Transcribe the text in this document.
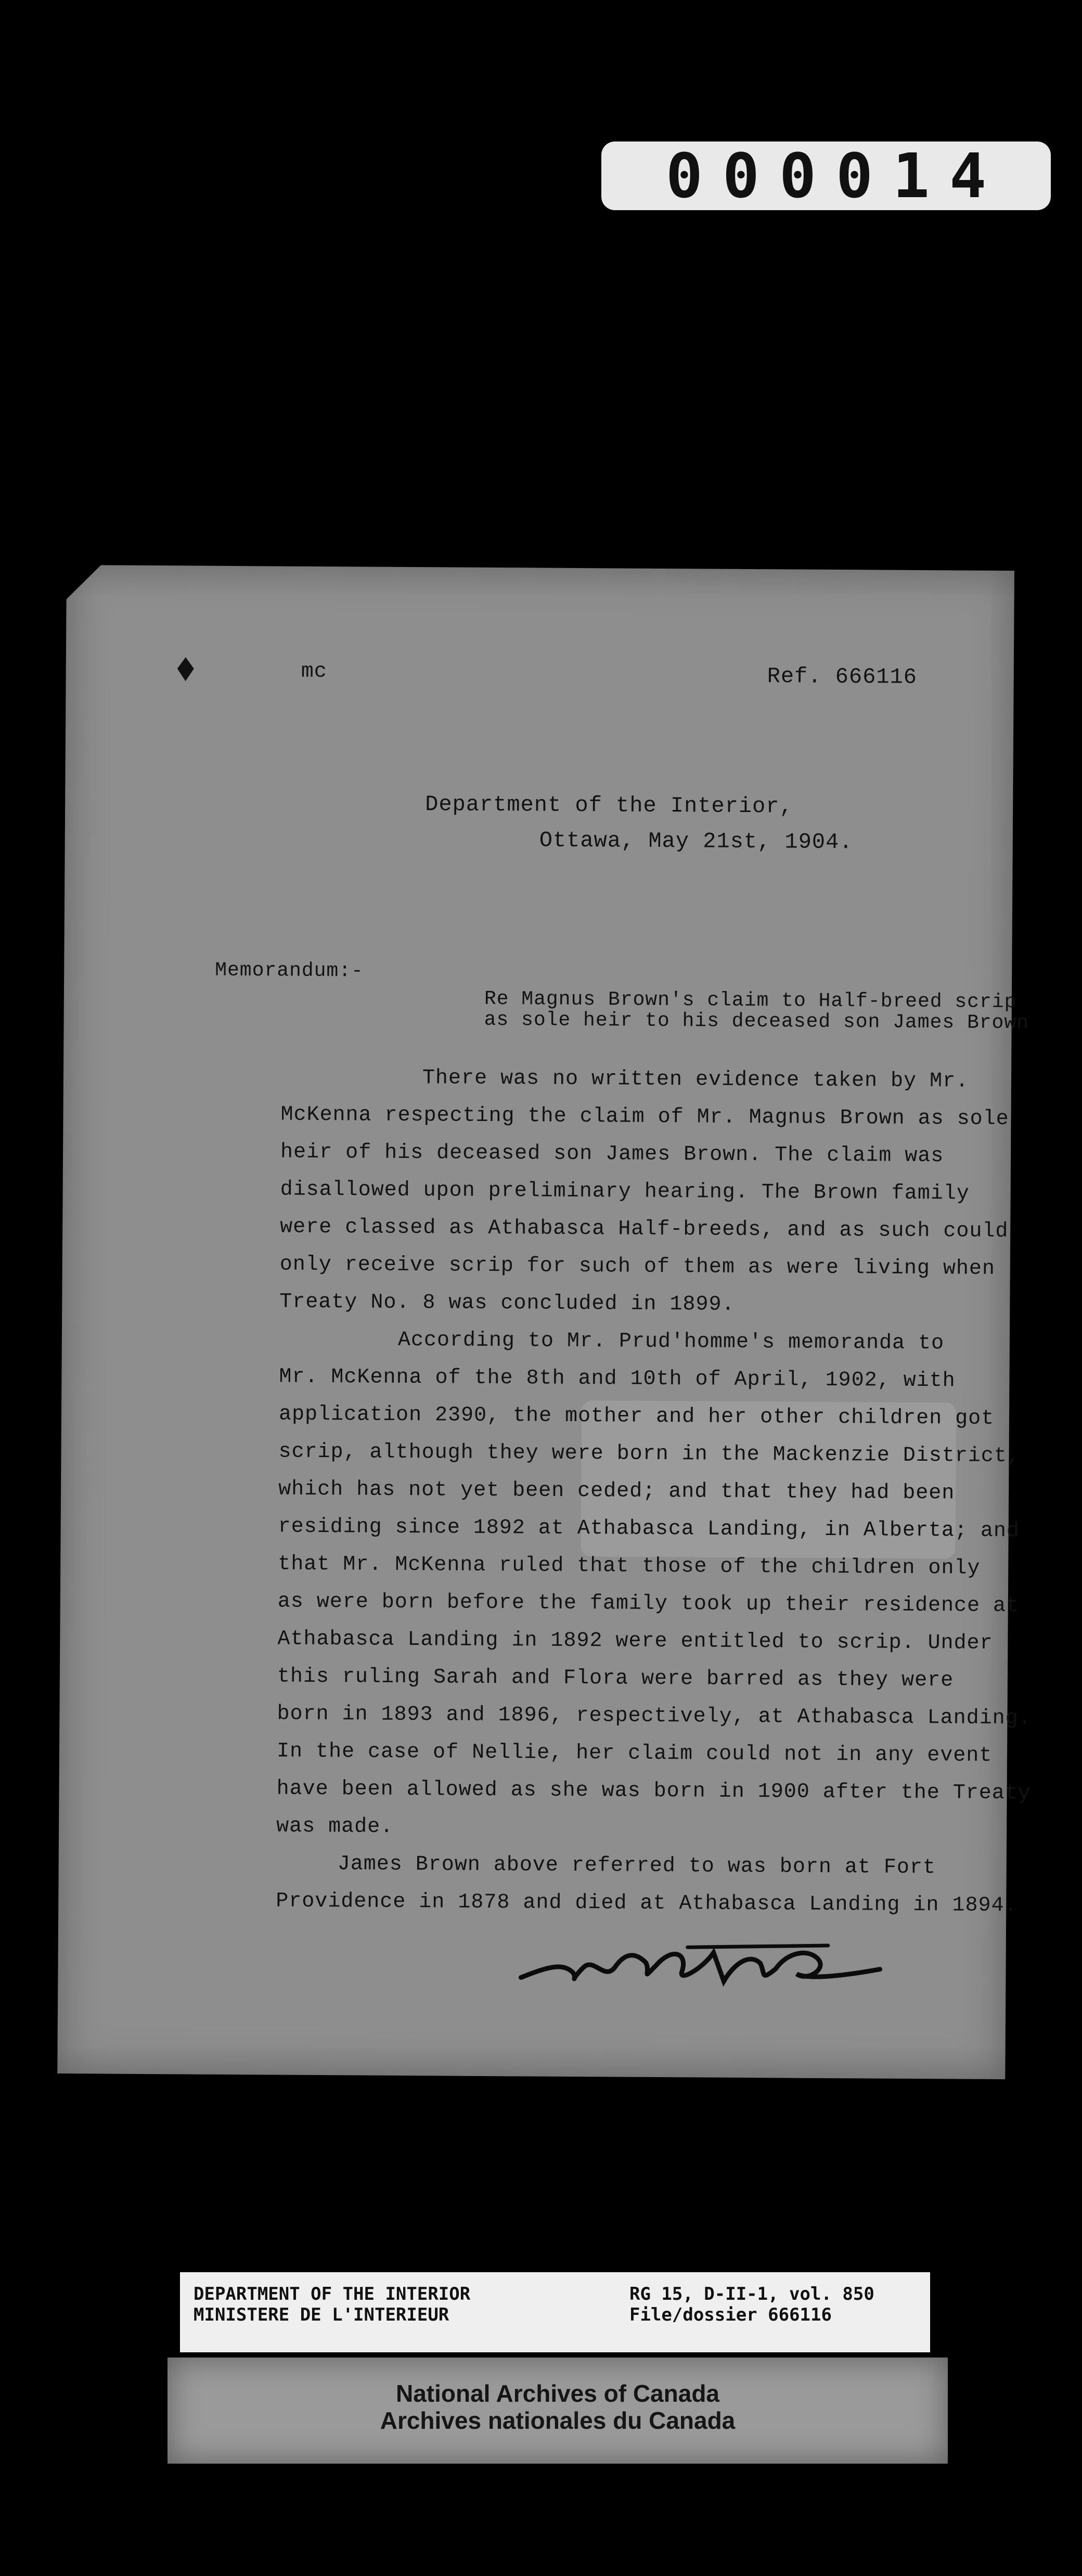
000014
mc	Ref. 666116
Department of the Interior,
Ottawa, May 21st, 1904.
Memorandum:-
Re Magnus Brown's claim to Half-breed scrip
as sole heir to his deceased son James Brown
There was no written evidence taken by Mr.
McKenna respecting the claim of Mr. Magnus Brown as sole
heir of his deceased son James Brown. The claim was
disallowed upon preliminary hearing. The Brown family
were classed as Athabasca Half-breeds, and as such could
only receive scrip for such of them as were living when
Treaty No. 8 was concluded in 1899.
According to Mr. Prud'homme's memoranda to
Mr. McKenna of the 8th and 10th of April, 1902, with
application 2390, the mother and her other children got
scrip, although they were born in the Mackenzie District,
which has not yet been ceded; and that they had been
residing since 1892 at Athabasca Landing, in Alberta; and
that Mr. McKenna ruled that those of the children only
as were born before the family took up their residence at
Athabasca Landing in 1892 were entitled to scrip. Under
this ruling Sarah and Flora were barred as they were
born in 1893 and 1896, respectively, at Athabasca Landing.
In the case of Nellie, her claim could not in any event
have been allowed as she was born in 1900 after the Treaty
was made.
James Brown above referred to was born at Fort
Providence in 1878 and died at Athabasca Landing in 1894.
DEPARTMENT OF THE INTERIOR
MINISTERE DE L'INTERIEUR
RG 15, D-II-1, vol. 850
File/dossier 666116
National Archives of Canada
Archives nationales du Canada
